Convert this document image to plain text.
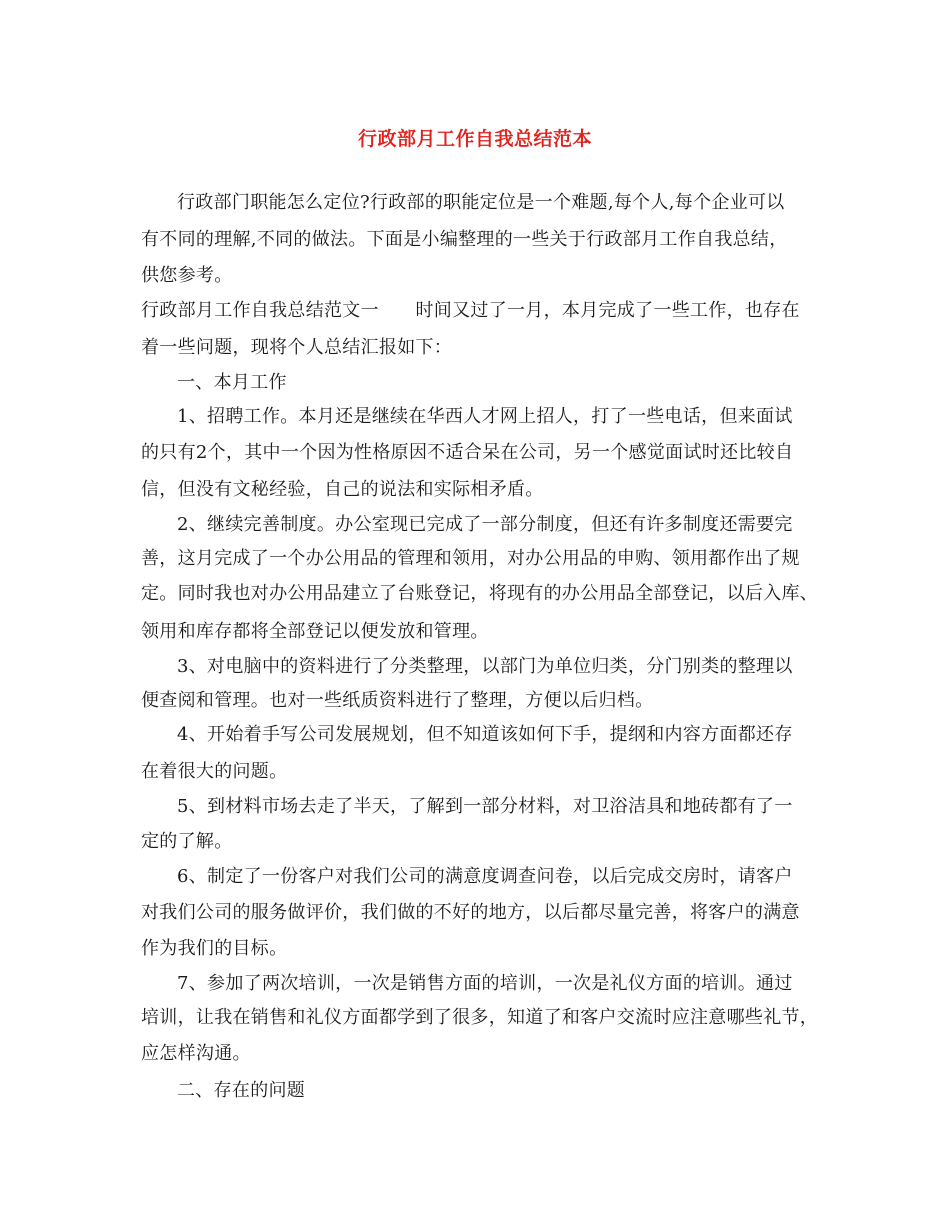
行政部月工作自我总结范本
行政部门职能怎么定位?行政部的职能定位是一个难题,每个人,每个企业可以
有不同的理解,不同的做法。下面是小编整理的一些关于行政部月工作自我总结，
供您参考。
行政部月工作自我总结范文一　　时间又过了一月，本月完成了一些工作，也存在
着一些问题，现将个人总结汇报如下：
一、本月工作
1、招聘工作。本月还是继续在华西人才网上招人，打了一些电话，但来面试
的只有2个，其中一个因为性格原因不适合呆在公司，另一个感觉面试时还比较自
信，但没有文秘经验，自己的说法和实际相矛盾。
2、继续完善制度。办公室现已完成了一部分制度，但还有许多制度还需要完
善，这月完成了一个办公用品的管理和领用，对办公用品的申购、领用都作出了规
定。同时我也对办公用品建立了台账登记，将现有的办公用品全部登记，以后入库、
领用和库存都将全部登记以便发放和管理。
3、对电脑中的资料进行了分类整理，以部门为单位归类，分门别类的整理以
便查阅和管理。也对一些纸质资料进行了整理，方便以后归档。
4、开始着手写公司发展规划，但不知道该如何下手，提纲和内容方面都还存
在着很大的问题。
5、到材料市场去走了半天，了解到一部分材料，对卫浴洁具和地砖都有了一
定的了解。
6、制定了一份客户对我们公司的满意度调查问卷，以后完成交房时，请客户
对我们公司的服务做评价，我们做的不好的地方，以后都尽量完善，将客户的满意
作为我们的目标。
7、参加了两次培训，一次是销售方面的培训，一次是礼仪方面的培训。通过
培训，让我在销售和礼仪方面都学到了很多，知道了和客户交流时应注意哪些礼节，
应怎样沟通。
二、存在的问题
